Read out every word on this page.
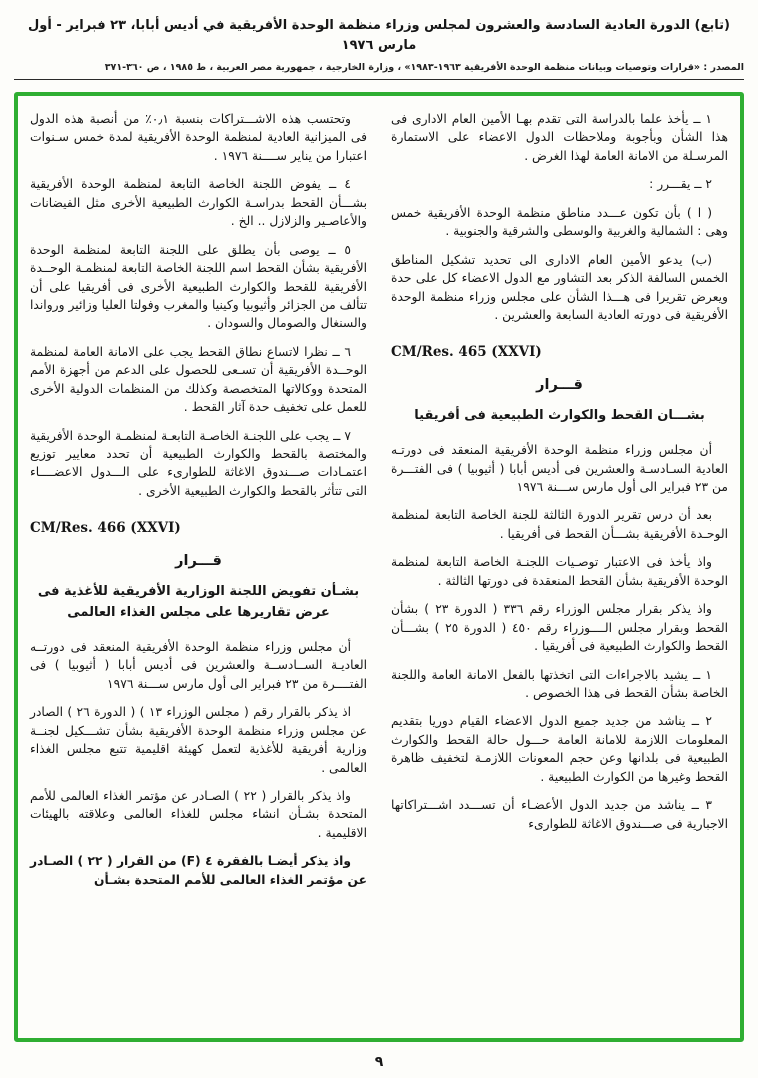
(تابع) الدورة العادية السادسة والعشرون لمجلس وزراء منظمة الوحدة الأفريقية في أديس أبابا، ٢٣ فبراير - أول مارس ١٩٧٦
المصدر : «قرارات وتوصيات وبيانات منظمة الوحدة الأفريقية ١٩٦٣-١٩٨٣» ، وزارة الخارجية ، جمهورية مصر العربية ، ط ١٩٨٥ ، ص ٣٦٠-٣٧١
١ ــ يأخذ علما بالدراسة التى تقدم بهـا الأمين العام الادارى فى هذا الشأن وبأجوبة وملاحظات الدول الاعضاء على الاستمارة المرسـلة من الامانة العامة لهذا الغرض .
٢ ــ يقـــرر :
( ا ) بأن تكون عـــدد مناطق منظمة الوحدة الأفريقية خمس وهى : الشمالية والغربية والوسطى والشرقية والجنوبية .
(ب) يدعو الأمين العام الادارى الى تحديد تشكيل المناطق الخمس السالفة الذكر بعد التشاور مع الدول الاعضاء كل على حدة ويعرض تقريرا فى هـــذا الشأن على مجلس وزراء منظمة الوحدة الأفريقية فى دورته العادية السابعة والعشرين .
CM/Res. 465 (XXVI)
قـــرار
بشـــان القحط والكوارث الطبيعية فى أفريقيا
أن مجلس وزراء منظمة الوحدة الأفريقية المنعقد فى دورتـه العادية السـادسـة والعشرين فى أديس أبابا ( أثيوبيا ) فى الفتـــرة من ٢٣ فبراير الى أول مارس ســـنة ١٩٧٦
بعد أن درس تقرير الدورة الثالثة للجنة الخاصة التابعة لمنظمة الوحـدة الأفريقية بشـــأن القحط فى أفريقيا .
واذ يأخذ فى الاعتبار توصـيات اللجنـة الخاصة التابعة لمنظمة الوحدة الأفريقية بشأن القحط المنعقدة فى دورتها الثالثة .
واذ يذكر بقرار مجلس الوزراء رقم ٣٣٦ ( الدورة ٢٣ ) بشأن القحط وبقرار مجلس الــــوزراء رقم ٤٥٠ ( الدورة ٢٥ ) بشـــأن القحط والكوارث الطبيعية فى أفريقيا .
١ ــ يشيد بالاجراءات التى اتخذتها بالفعل الامانة العامة واللجنة الخاصة بشأن القحط فى هذا الخصوص .
٢ ــ يناشد من جديد جميع الدول الاعضاء القيام دوريا بتقديم المعلومات اللازمة للامانة العامة حـــول حالة القحط والكوارث الطبيعية فى بلدانها وعن حجم المعونات اللازمـة لتخفيف ظاهرة القحط وغيرها من الكوارث الطبيعية .
٣ ــ يناشد من جديد الدول الأعضـاء أن تســـدد اشـــتراكاتها الاجبارية فى صـــندوق الاغاثة للطوارىء
وتحتسب هذه الاشـــتراكات بنسبة ٠٫١٪ من أنصبة هذه الدول فى الميزانية العادية لمنظمة الوحدة الأفريقية لمدة خمس سـنوات اعتبارا من يناير ســــنة ١٩٧٦ .
٤ ــ يفوض اللجنة الخاصة التابعة لمنظمة الوحدة الأفريقية بشـــأن القحط بدراسـة الكوارث الطبيعية الأخرى مثل الفيضانات والأعاصـير والزلازل .. الخ .
٥ ــ يوصى بأن يطلق على اللجنة التابعة لمنظمة الوحدة الأفريقية بشأن القحط اسم اللجنة الخاصة التابعة لمنظمـة الوحــدة الأفريقية للقحط والكوارث الطبيعية الأخرى فى أفريقيا على أن تتألف من الجزائر وأثيوبيا وكينيا والمغرب وفولتا العليا وزائير ورواندا والسنغال والصومال والسودان .
٦ ــ نظرا لاتساع نطاق القحط يجب على الامانة العامة لمنظمة الوحــدة الأفريقية أن تسـعى للحصول على الدعم من أجهزة الأمم المتحدة ووكالاتها المتخصصة وكذلك من المنظمات الدولية الأخرى للعمل على تخفيف حدة آثار القحط .
٧ ــ يجب على اللجنـة الخاصـة التابعـة لمنظمـة الوحدة الأفريقية والمختصة بالقحط والكوارث الطبيعية أن تحدد معايير توزيع اعتمـادات صـــندوق الاغاثة للطوارىء على الـــدول الاعضــــاء التى تتأثر بالقحط والكوارث الطبيعية الأخرى .
CM/Res. 466 (XXVI)
قـــرار
بشـأن تفويض اللجنة الوزارية الأفريقية للأغذية فى عرض تقاريرها على مجلس الغذاء العالمى
أن مجلس وزراء منظمة الوحدة الأفريقية المنعقد فى دورتــه العاديـة الســادســة والعشرين فى أديس أبابا ( أثيوبيا ) فى الفتــــرة من ٢٣ فبراير الى أول مارس ســـنة ١٩٧٦
اذ يذكر بالقرار رقم ( مجلس الوزراء ١٣ ) ( الدورة ٢٦ ) الصادر عن مجلس وزراء منظمة الوحدة الأفريقية بشأن تشـــكيل لجنــة وزارية أفريقية للأغذية لتعمل كهيئة اقليمية تتبع مجلس الغذاء العالمى .
واذ يذكر بالقرار ( ٢٢ ) الصـادر عن مؤتمر الغذاء العالمى للأمم المتحدة بشـأن انشاء مجلس للغذاء العالمى وعلاقته بالهيئات الاقليمية .
واذ يذكر أيضـا بالفقرة ٤ (F) من القرار ( ٢٢ ) الصـادر عن مؤتمر الغذاء العالمى للأمم المتحدة بشـأن
٩
